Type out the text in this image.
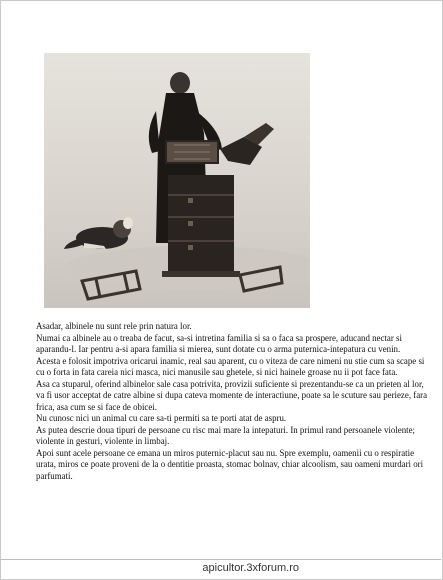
Asadar, albinele nu sunt rele prin natura lor.

Numai ca albinele au o treaba de facut, sa-si intretina familia si sa o faca sa prospere, aducand nectar si aparandu-l. Iar pentru a-si apara familia si mierea, sunt dotate cu o arma puternica-intepatura cu venin.

Acesta e folosit impotriva oricarui inamic, real sau aparent, cu o viteza de care nimeni nu stie cum sa scape si cu o forta in fata careia nici masca, nici manusile sau ghetele, si nici hainele groase nu ii pot face fata.

Asa ca stuparul, oferind albinelor sale casa potrivita, provizii suficiente si prezentandu-se ca un prieten al lor, va fi usor acceptat de catre albine si dupa cateva momente de interactiune, poate sa le scuture sau perieze, fara frica, asa cum se si face de obicei.

Nu cunosc nici un animal cu care sa-ti permiti sa te porti atat de aspru.

As putea descrie doua tipuri de persoane cu risc mai mare la intepaturi. In primul rand persoanele violente; violente in gesturi, violente in limbaj.

Apoi sunt acele persoane ce emana un miros puternic-placut sau nu. Spre exemplu, oamenii cu o respiratie urata, miros ce poate proveni de la o dentitie proasta, stomac bolnav, chiar alcoolism, sau oameni murdari ori parfumati.

apicultor.3xforum.ro
